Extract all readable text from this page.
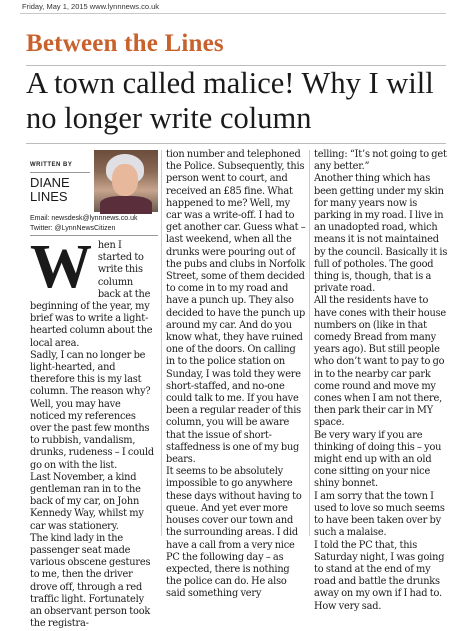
Friday, May 1, 2015 www.lynnnews.co.uk
Between the Lines
A town called malice! Why I will no longer write column
WRITTEN BY
DIANE LINES
Email: newsdesk@lynnnews.co.uk
Twitter: @LynnNewsCitizen
W hen I started to write this column back at the beginning of the year, my brief was to write a light-hearted column about the local area.

Sadly, I can no longer be light-hearted, and therefore this is my last column. The reason why? Well, you may have noticed my references over the past few months to rubbish, vandalism, drunks, rudeness – I could go on with the list.

Last November, a kind gentleman ran in to the back of my car, on John Kennedy Way, whilst my car was stationery.

The kind lady in the passenger seat made various obscene gestures to me, then the driver drove off, through a red traffic light. Fortunately an observant person took the registra-

tion number and telephoned the Police. Subsequently, this person went to court, and received an £85 fine. What happened to me? Well, my car was a write-off. I had to get another car. Guess what – last weekend, when all the drunks were pouring out of the pubs and clubs in Norfolk Street, some of them decided to come in to my road and have a punch up. They also decided to have the punch up around my car. And do you know what, they have ruined one of the doors. On calling in to the police station on Sunday, I was told they were short-staffed, and no-one could talk to me. If you have been a regular reader of this column, you will be aware that the issue of short-staffedness is one of my bug bears.

It seems to be absolutely impossible to go anywhere these days without having to queue. And yet ever more houses cover our town and the surrounding areas. I did have a call from a very nice PC the following day – as expected, there is nothing the police can do. He also said something very

telling: “It’s not going to get any better.”

Another thing which has been getting under my skin for many years now is parking in my road. I live in an unadopted road, which means it is not maintained by the council. Basically it is full of potholes. The good thing is, though, that is a private road.

All the residents have to have cones with their house numbers on (like in that comedy Bread from many years ago). But still people who don’t want to pay to go in to the nearby car park come round and move my cones when I am not there, then park their car in MY space.

Be very wary if you are thinking of doing this – you might end up with an old cone sitting on your nice shiny bonnet.

I am sorry that the town I used to love so much seems to have been taken over by such a malaise.

I told the PC that, this Saturday night, I was going to stand at the end of my road and battle the drunks away on my own if I had to. How very sad.
